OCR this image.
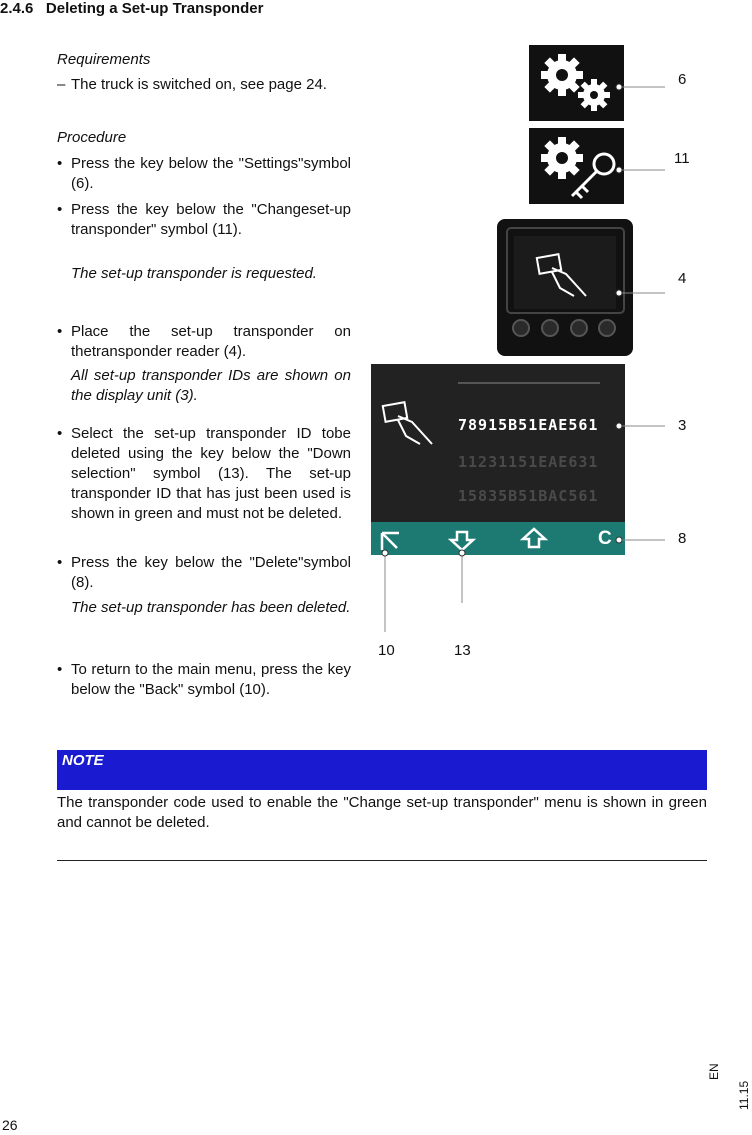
2.4.6 Deleting a Set-up Transponder
Requirements
– The truck is switched on, see page 24.
Procedure
• Press the key below the "Settings"symbol (6).
• Press the key below the "Changeset-up transponder" symbol (11).
The set-up transponder is requested.
• Place the set-up transponder on thetransponder reader (4).
All set-up transponder IDs are shown on the display unit (3).
• Select the set-up transponder ID tobe deleted using the key below the "Down selection" symbol (13). The set-up transponder ID that has just been used is shown in green and must not be deleted.
• Press the key below the "Delete"symbol (8).
The set-up transponder has been deleted.
• To return to the main menu, press the key below the "Back" symbol (10).
78915B51EAE561
11231151EAE631
15835B51BAC561
C
6
11
4
3
8
10	13
NOTE
The transponder code used to enable the "Change set-up transponder" menu is shown in green and cannot be deleted.
26
EN
11.15
